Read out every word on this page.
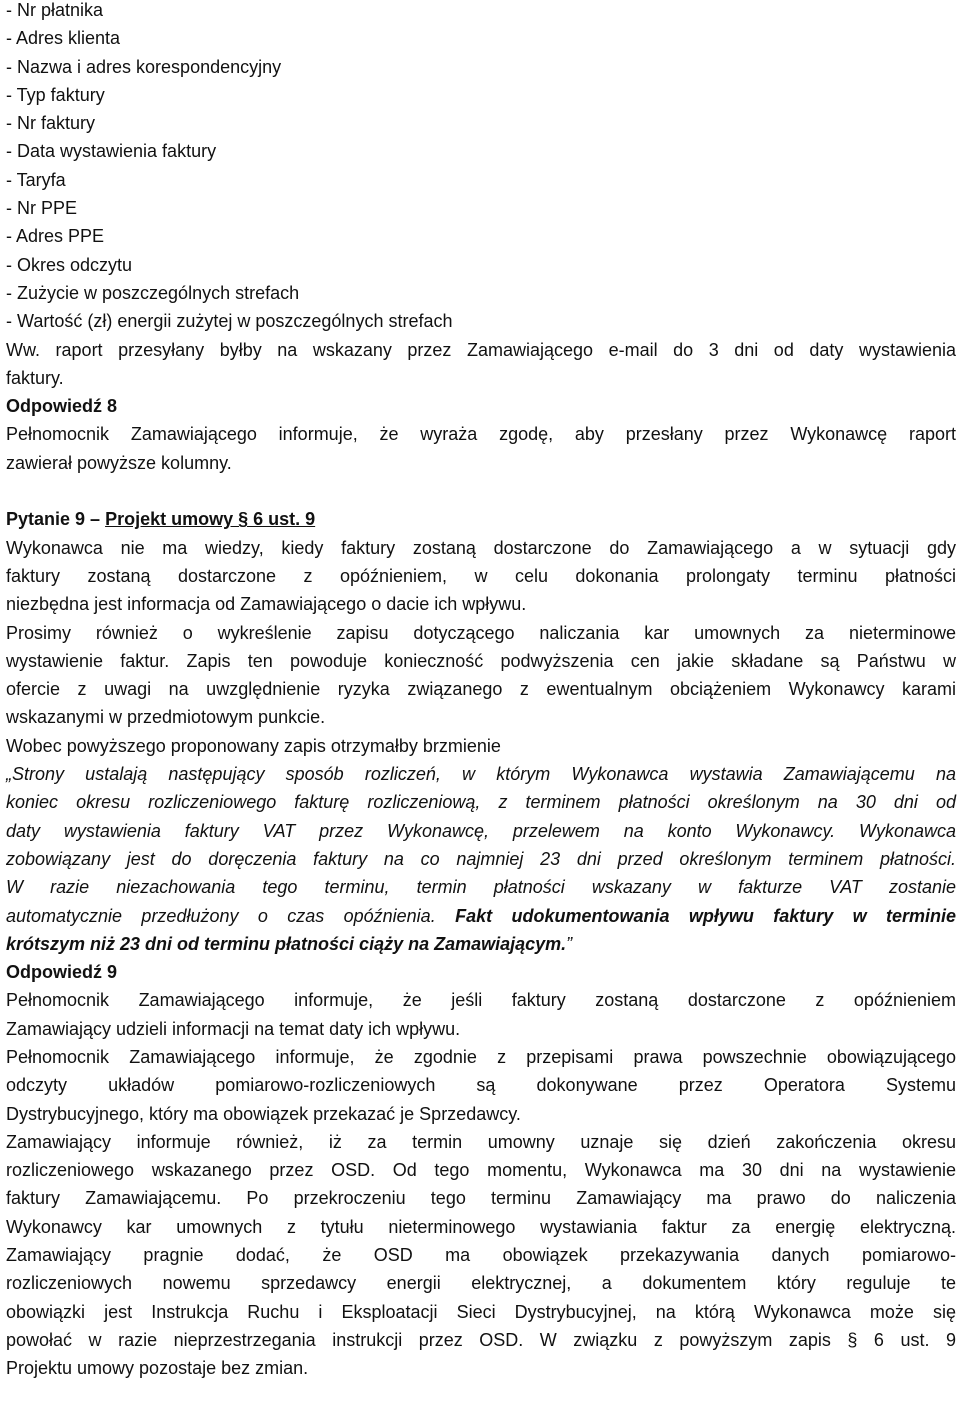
- Nr płatnika
- Adres klienta
- Nazwa i adres korespondencyjny
- Typ faktury
- Nr faktury
- Data wystawienia faktury
- Taryfa
- Nr PPE
- Adres PPE
- Okres odczytu
- Zużycie w poszczególnych strefach
- Wartość (zł) energii zużytej w poszczególnych strefach
Ww. raport przesyłany byłby na wskazany przez Zamawiającego e-mail do 3 dni od daty wystawienia
faktury.
Odpowiedź 8
Pełnomocnik Zamawiającego informuje, że wyraża zgodę, aby przesłany przez Wykonawcę raport
zawierał powyższe kolumny.
Pytanie 9 – Projekt umowy § 6 ust. 9
Wykonawca nie ma wiedzy, kiedy faktury zostaną dostarczone do Zamawiającego a w sytuacji gdy
faktury zostaną dostarczone z opóźnieniem, w celu dokonania prolongaty terminu płatności
niezbędna jest informacja od Zamawiającego o dacie ich wpływu.
Prosimy również o wykreślenie zapisu dotyczącego naliczania kar umownych za nieterminowe
wystawienie faktur. Zapis ten powoduje konieczność podwyższenia cen jakie składane są Państwu w
ofercie z uwagi na uwzględnienie ryzyka związanego z ewentualnym obciążeniem Wykonawcy karami
wskazanymi w przedmiotowym punkcie.
Wobec powyższego proponowany zapis otrzymałby brzmienie
„Strony ustalają następujący sposób rozliczeń, w którym Wykonawca wystawia Zamawiającemu na
koniec okresu rozliczeniowego fakturę rozliczeniową, z terminem płatności określonym na 30 dni od
daty wystawienia faktury VAT przez Wykonawcę, przelewem na konto Wykonawcy. Wykonawca
zobowiązany jest do doręczenia faktury na co najmniej 23 dni przed określonym terminem płatności.
W razie niezachowania tego terminu, termin płatności wskazany w fakturze VAT zostanie
automatycznie przedłużony o czas opóźnienia. Fakt udokumentowania wpływu faktury w terminie
krótszym niż 23 dni od terminu płatności ciąży na Zamawiającym.”
Odpowiedź 9
Pełnomocnik Zamawiającego informuje, że jeśli faktury zostaną dostarczone z opóźnieniem
Zamawiający udzieli informacji na temat daty ich wpływu.
Pełnomocnik Zamawiającego informuje, że zgodnie z przepisami prawa powszechnie obowiązującego
odczyty układów pomiarowo-rozliczeniowych są dokonywane przez Operatora Systemu
Dystrybucyjnego, który ma obowiązek przekazać je Sprzedawcy.
Zamawiający informuje również, iż za termin umowny uznaje się dzień zakończenia okresu
rozliczeniowego wskazanego przez OSD. Od tego momentu, Wykonawca ma 30 dni na wystawienie
faktury Zamawiającemu. Po przekroczeniu tego terminu Zamawiający ma prawo do naliczenia
Wykonawcy kar umownych z tytułu nieterminowego wystawiania faktur za energię elektryczną.
Zamawiający pragnie dodać, że OSD ma obowiązek przekazywania danych pomiarowo-
rozliczeniowych nowemu sprzedawcy energii elektrycznej, a dokumentem który reguluje te
obowiązki jest Instrukcja Ruchu i Eksploatacji Sieci Dystrybucyjnej, na którą Wykonawca może się
powołać w razie nieprzestrzegania instrukcji przez OSD. W związku z powyższym zapis § 6 ust. 9
Projektu umowy pozostaje bez zmian.
